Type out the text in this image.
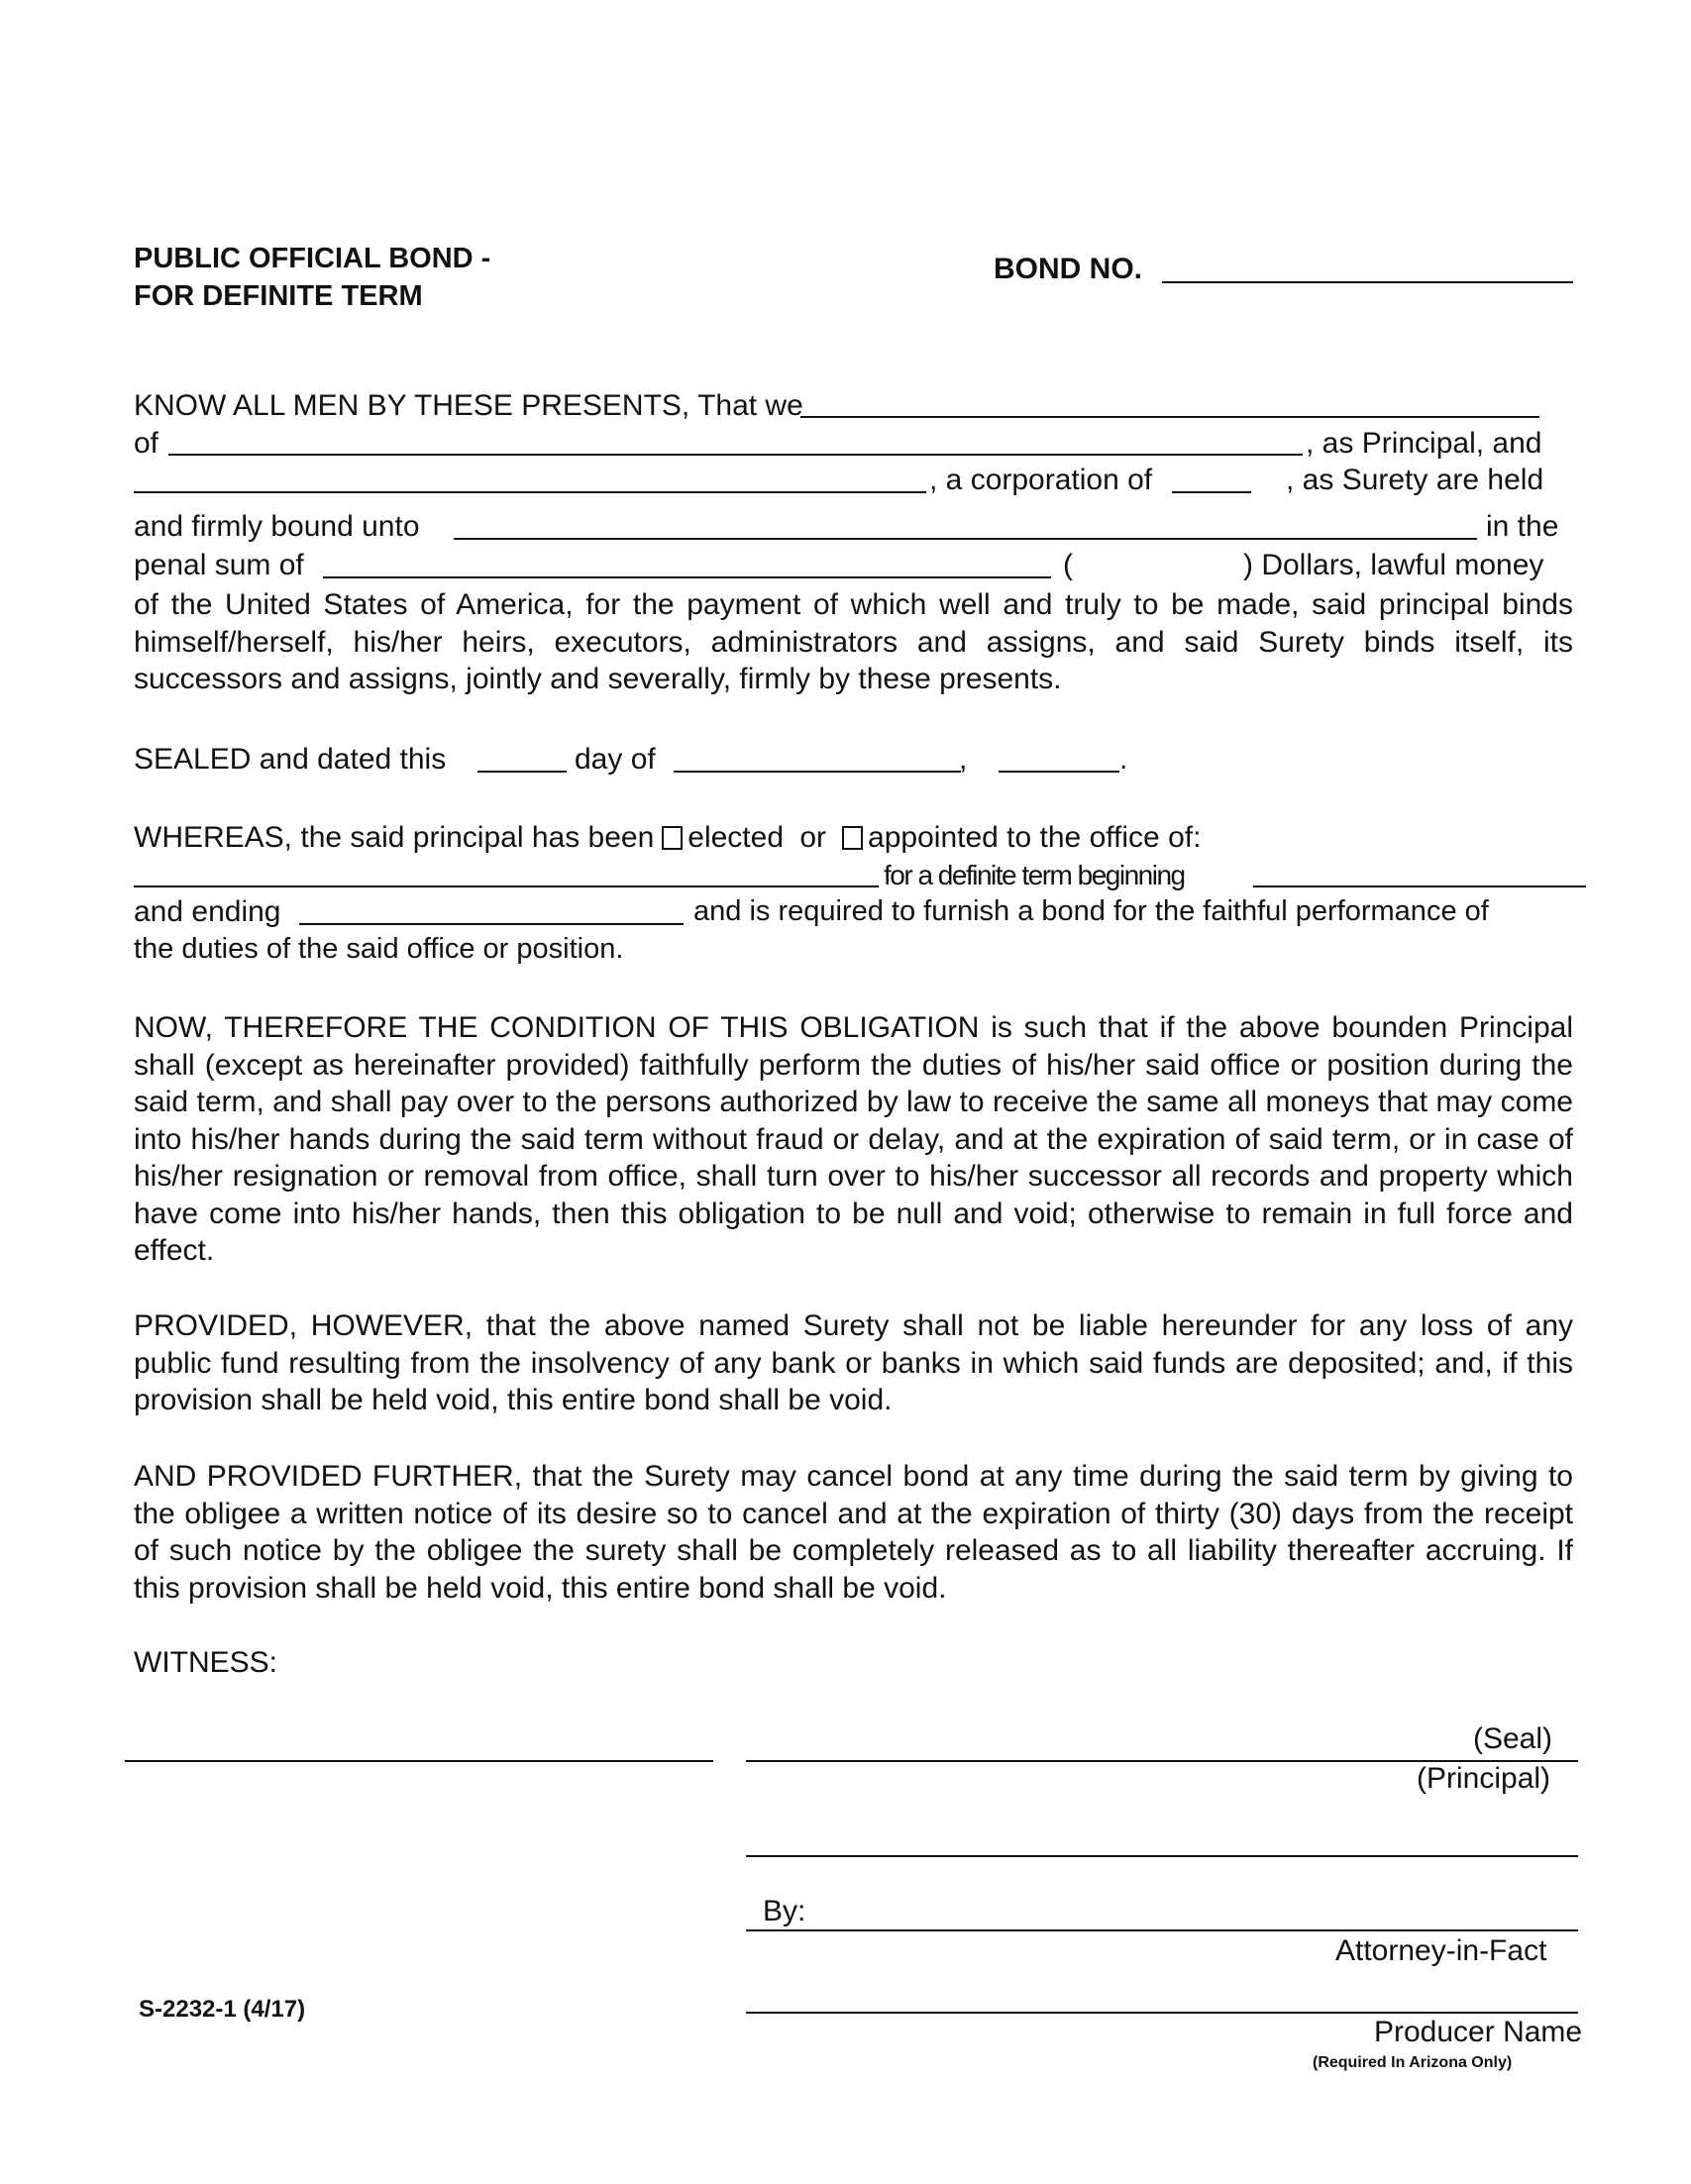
PUBLIC OFFICIAL BOND -
FOR DEFINITE TERM
BOND NO.
KNOW ALL MEN BY THESE PRESENTS, That we
of	, as Principal, and
, a corporation of	, as Surety are held
and firmly bound unto	in the
penal sum of	(	) Dollars, lawful money
of the United States of America, for the payment of which well and truly to be made, said principal binds himself/herself, his/her heirs, executors, administrators and assigns, and said Surety binds itself, its successors and assigns, jointly and severally, firmly by these presents.
SEALED and dated this	day of	,	.
WHEREAS, the said principal has been elected or appointed to the office of:
for a definite term beginning
and ending	and is required to furnish a bond for the faithful performance of
the duties of the said office or position.
NOW, THEREFORE THE CONDITION OF THIS OBLIGATION is such that if the above bounden Principal shall (except as hereinafter provided) faithfully perform the duties of his/her said office or position during the said term, and shall pay over to the persons authorized by law to receive the same all moneys that may come into his/her hands during the said term without fraud or delay, and at the expiration of said term, or in case of his/her resignation or removal from office, shall turn over to his/her successor all records and property which have come into his/her hands, then this obligation to be null and void; otherwise to remain in full force and effect.
PROVIDED, HOWEVER, that the above named Surety shall not be liable hereunder for any loss of any public fund resulting from the insolvency of any bank or banks in which said funds are deposited; and, if this provision shall be held void, this entire bond shall be void.
AND PROVIDED FURTHER, that the Surety may cancel bond at any time during the said term by giving to the obligee a written notice of its desire so to cancel and at the expiration of thirty (30) days from the receipt of such notice by the obligee the surety shall be completely released as to all liability thereafter accruing. If this provision shall be held void, this entire bond shall be void.
WITNESS:
(Seal)
(Principal)
By:
Attorney-in-Fact
S-2232-1 (4/17)
Producer Name
(Required In Arizona Only)
